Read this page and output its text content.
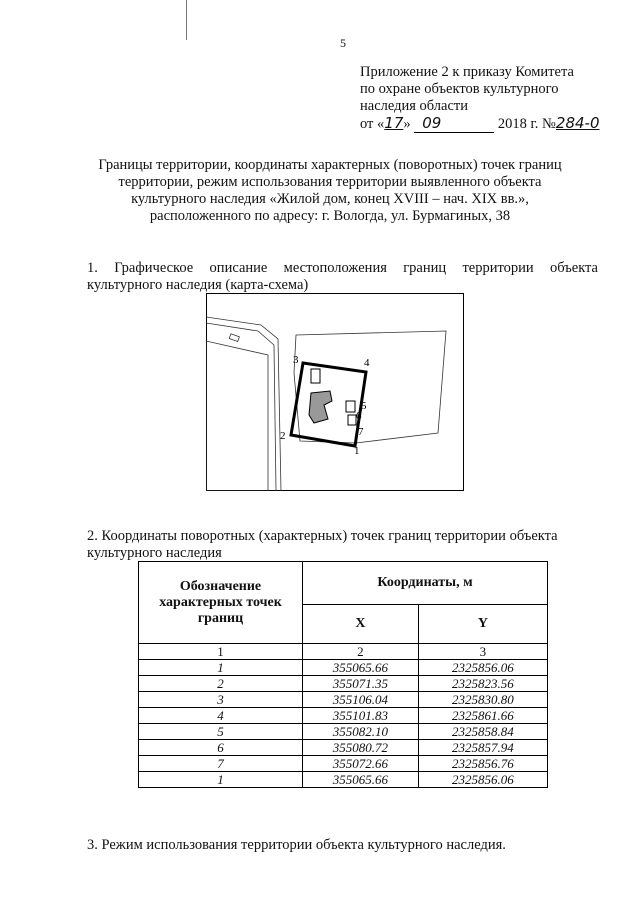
5

Приложение 2 к приказу Комитета

по охране объектов культурного

наследия области

от «17» 09	2018 г. №284-0

Границы территории, координаты характерных (поворотных) точек границ

территории, режим использования территории выявленного объекта

культурного наследия «Жилой дом, конец XVIII – нач. XIX вв.»,

расположенного по адресу: г. Вологда, ул. Бурмагиных, 38

1. Графическое описание местоположения границ территории объекта культурного наследия (карта-схема)

1
2
3	4
5
6
7

2. Координаты поворотных (характерных) точек границ территории объекта культурного наследия

Обозначение характерных точек границ	Координаты, м	
	X	Y
1	2	3
1	355065.66	2325856.06
2	355071.35	2325823.56
3	355106.04	2325830.80
4	355101.83	2325861.66
5	355082.10	2325858.84
6	355080.72	2325857.94
7	355072.66	2325856.76
1	355065.66	2325856.06

3. Режим использования территории объекта культурного наследия.
